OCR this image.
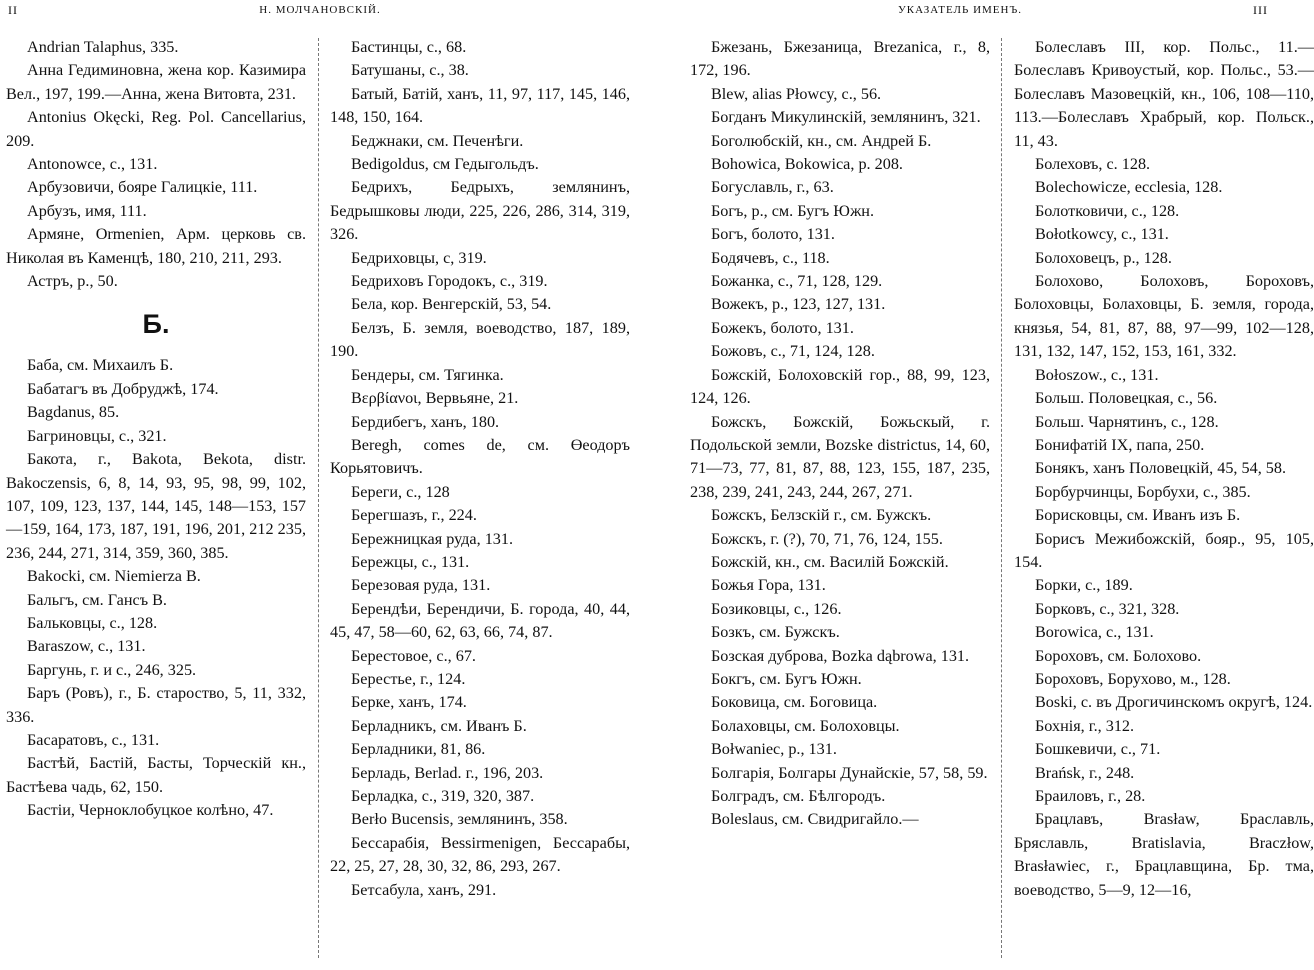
II	Н. МОЛЧАНОВСКІЙ.
Andrian Talaphus, 335.
Анна Гедиминовна, жена кор. Казимира Вел., 197, 199.—Анна, жена Витовта, 231.
Antonius Okęcki, Reg. Pol. Cancellarius, 209.
Antonowce, с., 131.
Арбузовичи, бояре Галицкіе, 111.
Арбузъ, имя, 111.
Армяне, Ormenien, Арм. церковь св. Николая въ Каменцѣ, 180, 210, 211, 293.
Астръ, р., 50.
Б.
Баба, см. Михаилъ Б.
Бабатагъ въ Добруджѣ, 174.
Bagdanus, 85.
Багриновцы, с., 321.
Бакота, г., Bakota, Bekota, distr. Bakoczensis, 6, 8, 14, 93, 95, 98, 99, 102, 107, 109, 123, 137, 144, 145, 148—153, 157—159, 164, 173, 187, 191, 196, 201, 212 235, 236, 244, 271, 314, 359, 360, 385.
Bakocki, см. Niemierza B.
Бальгъ, см. Гансъ B.
Бальковцы, с., 128.
Baraszow, с., 131.
Баргунь, г. и с., 246, 325.
Баръ (Ровъ), г., Б. староство, 5, 11, 332, 336.
Басаратовъ, с., 131.
Бастѣй, Бастій, Басты, Торческій кн., Бастѣева чадь, 62, 150.
Бастіи, Черноклобуцкое колѣно, 47.
Бастинцы, с., 68.
Батушаны, с., 38.
Батый, Батій, ханъ, 11, 97, 117, 145, 146, 148, 150, 164.
Беджнаки, см. Печенѣги.
Bedigoldus, см Гедыгольдъ.
Бедрихъ, Бедрыхъ, землянинъ, Бедрышковы люди, 225, 226, 286, 314, 319, 326.
Бедриховцы, с, 319.
Бедриховъ Городокъ, с., 319.
Бела, кор. Венгерскій, 53, 54.
Белзъ, Б. земля, воеводство, 187, 189, 190.
Бендеры, см. Тягинка.
Βερβίανοι, Вервьяне, 21.
Бердибегъ, ханъ, 180.
Beregh, comes de, см. Өеодоръ Корьятовичъ.
Береги, с., 128
Берегшазъ, г., 224.
Бережницкая руда, 131.
Бережцы, с., 131.
Березовая руда, 131.
Берендѣи, Берендичи, Б. города, 40, 44, 45, 47, 58—60, 62, 63, 66, 74, 87.
Берестовое, с., 67.
Берестье, г., 124.
Берке, ханъ, 174.
Берладникъ, см. Иванъ Б.
Берладники, 81, 86.
Берладь, Berlad. г., 196, 203.
Берладка, с., 319, 320, 387.
Berło Bucensis, землянинъ, 358.
Бессарабія, Bessirmenigen, Бессарабы, 22, 25, 27, 28, 30, 32, 86, 293, 267.
Бетсабула, ханъ, 291.
УКАЗАТЕЛЬ ИМЕНЪ.	III
Бжезань, Бжезаница, Brezanica, г., 8, 172, 196.
Blew, alias Płowcy, с., 56.
Богданъ Микулинскій, землянинъ, 321.
Боголюбскій, кн., см. Андрей Б.
Bohowica, Bokowica, р. 208.
Богуславль, г., 63.
Богъ, р., см. Бугъ Южн.
Богъ, болото, 131.
Бодячевъ, с., 118.
Божанка, с., 71, 128, 129.
Вожекъ, р., 123, 127, 131.
Божекъ, болото, 131.
Божовъ, с., 71, 124, 128.
Божскій, Болоховскій гор., 88, 99, 123, 124, 126.
Божскъ, Божскій, Божьскый, г. Подольской земли, Bozske districtus, 14, 60, 71—73, 77, 81, 87, 88, 123, 155, 187, 235, 238, 239, 241, 243, 244, 267, 271.
Божскъ, Белзскій г., см. Бужскъ.
Божскъ, г. (?), 70, 71, 76, 124, 155.
Божскій, кн., см. Василій Божскій.
Божья Гора, 131.
Бозиковцы, с., 126.
Бозкъ, см. Бужскъ.
Бозская дуброва, Bozka dąbrowa, 131.
Бокгъ, см. Бугъ Южн.
Боковица, см. Боговица.
Болаховцы, см. Болоховцы.
Bołwaniec, р., 131.
Болгарія, Болгары Дунайскіе, 57, 58, 59.
Болградъ, см. Бѣлгородъ.
Boleslaus, см. Свидригайло.—
Болеславъ III, кор. Польс., 11.—Болеславъ Кривоустый, кор. Польс., 53.—Болеславъ Мазовецкій, кн., 106, 108—110, 113.—Болеславъ Храбрый, кор. Польск., 11, 43.
Болеховъ, с. 128.
Bolechowicze, ecclesia, 128.
Болотковичи, с., 128.
Bołotkowcy, с., 131.
Болоховецъ, р., 128.
Болохово, Болоховъ, Бороховъ, Болоховцы, Болаховцы, Б. земля, города, князья, 54, 81, 87, 88, 97—99, 102—128, 131, 132, 147, 152, 153, 161, 332.
Bołoszow., с., 131.
Больш. Половецкая, с., 56.
Больш. Чарнятинъ, с., 128.
Бонифатій IX, папа, 250.
Бонякъ, ханъ Половецкій, 45, 54, 58.
Борбурчинцы, Борбухи, с., 385.
Борисковцы, см. Иванъ изъ Б.
Борисъ Межибожскій, бояр., 95, 105, 154.
Борки, с., 189.
Борковъ, с., 321, 328.
Borowica, с., 131.
Бороховъ, см. Болохово.
Бороховъ, Борухово, м., 128.
Boski, с. въ Дрогичинскомъ округѣ, 124.
Бохнія, г., 312.
Бошкевичи, с., 71.
Brańsk, г., 248.
Браиловъ, г., 28.
Брацлавъ, Brasław, Браславль, Бряславль, Bratislavia, Braczłow, Brasławiec, г., Брацлавщина, Бр. тма, воеводство, 5—9, 12—16,
